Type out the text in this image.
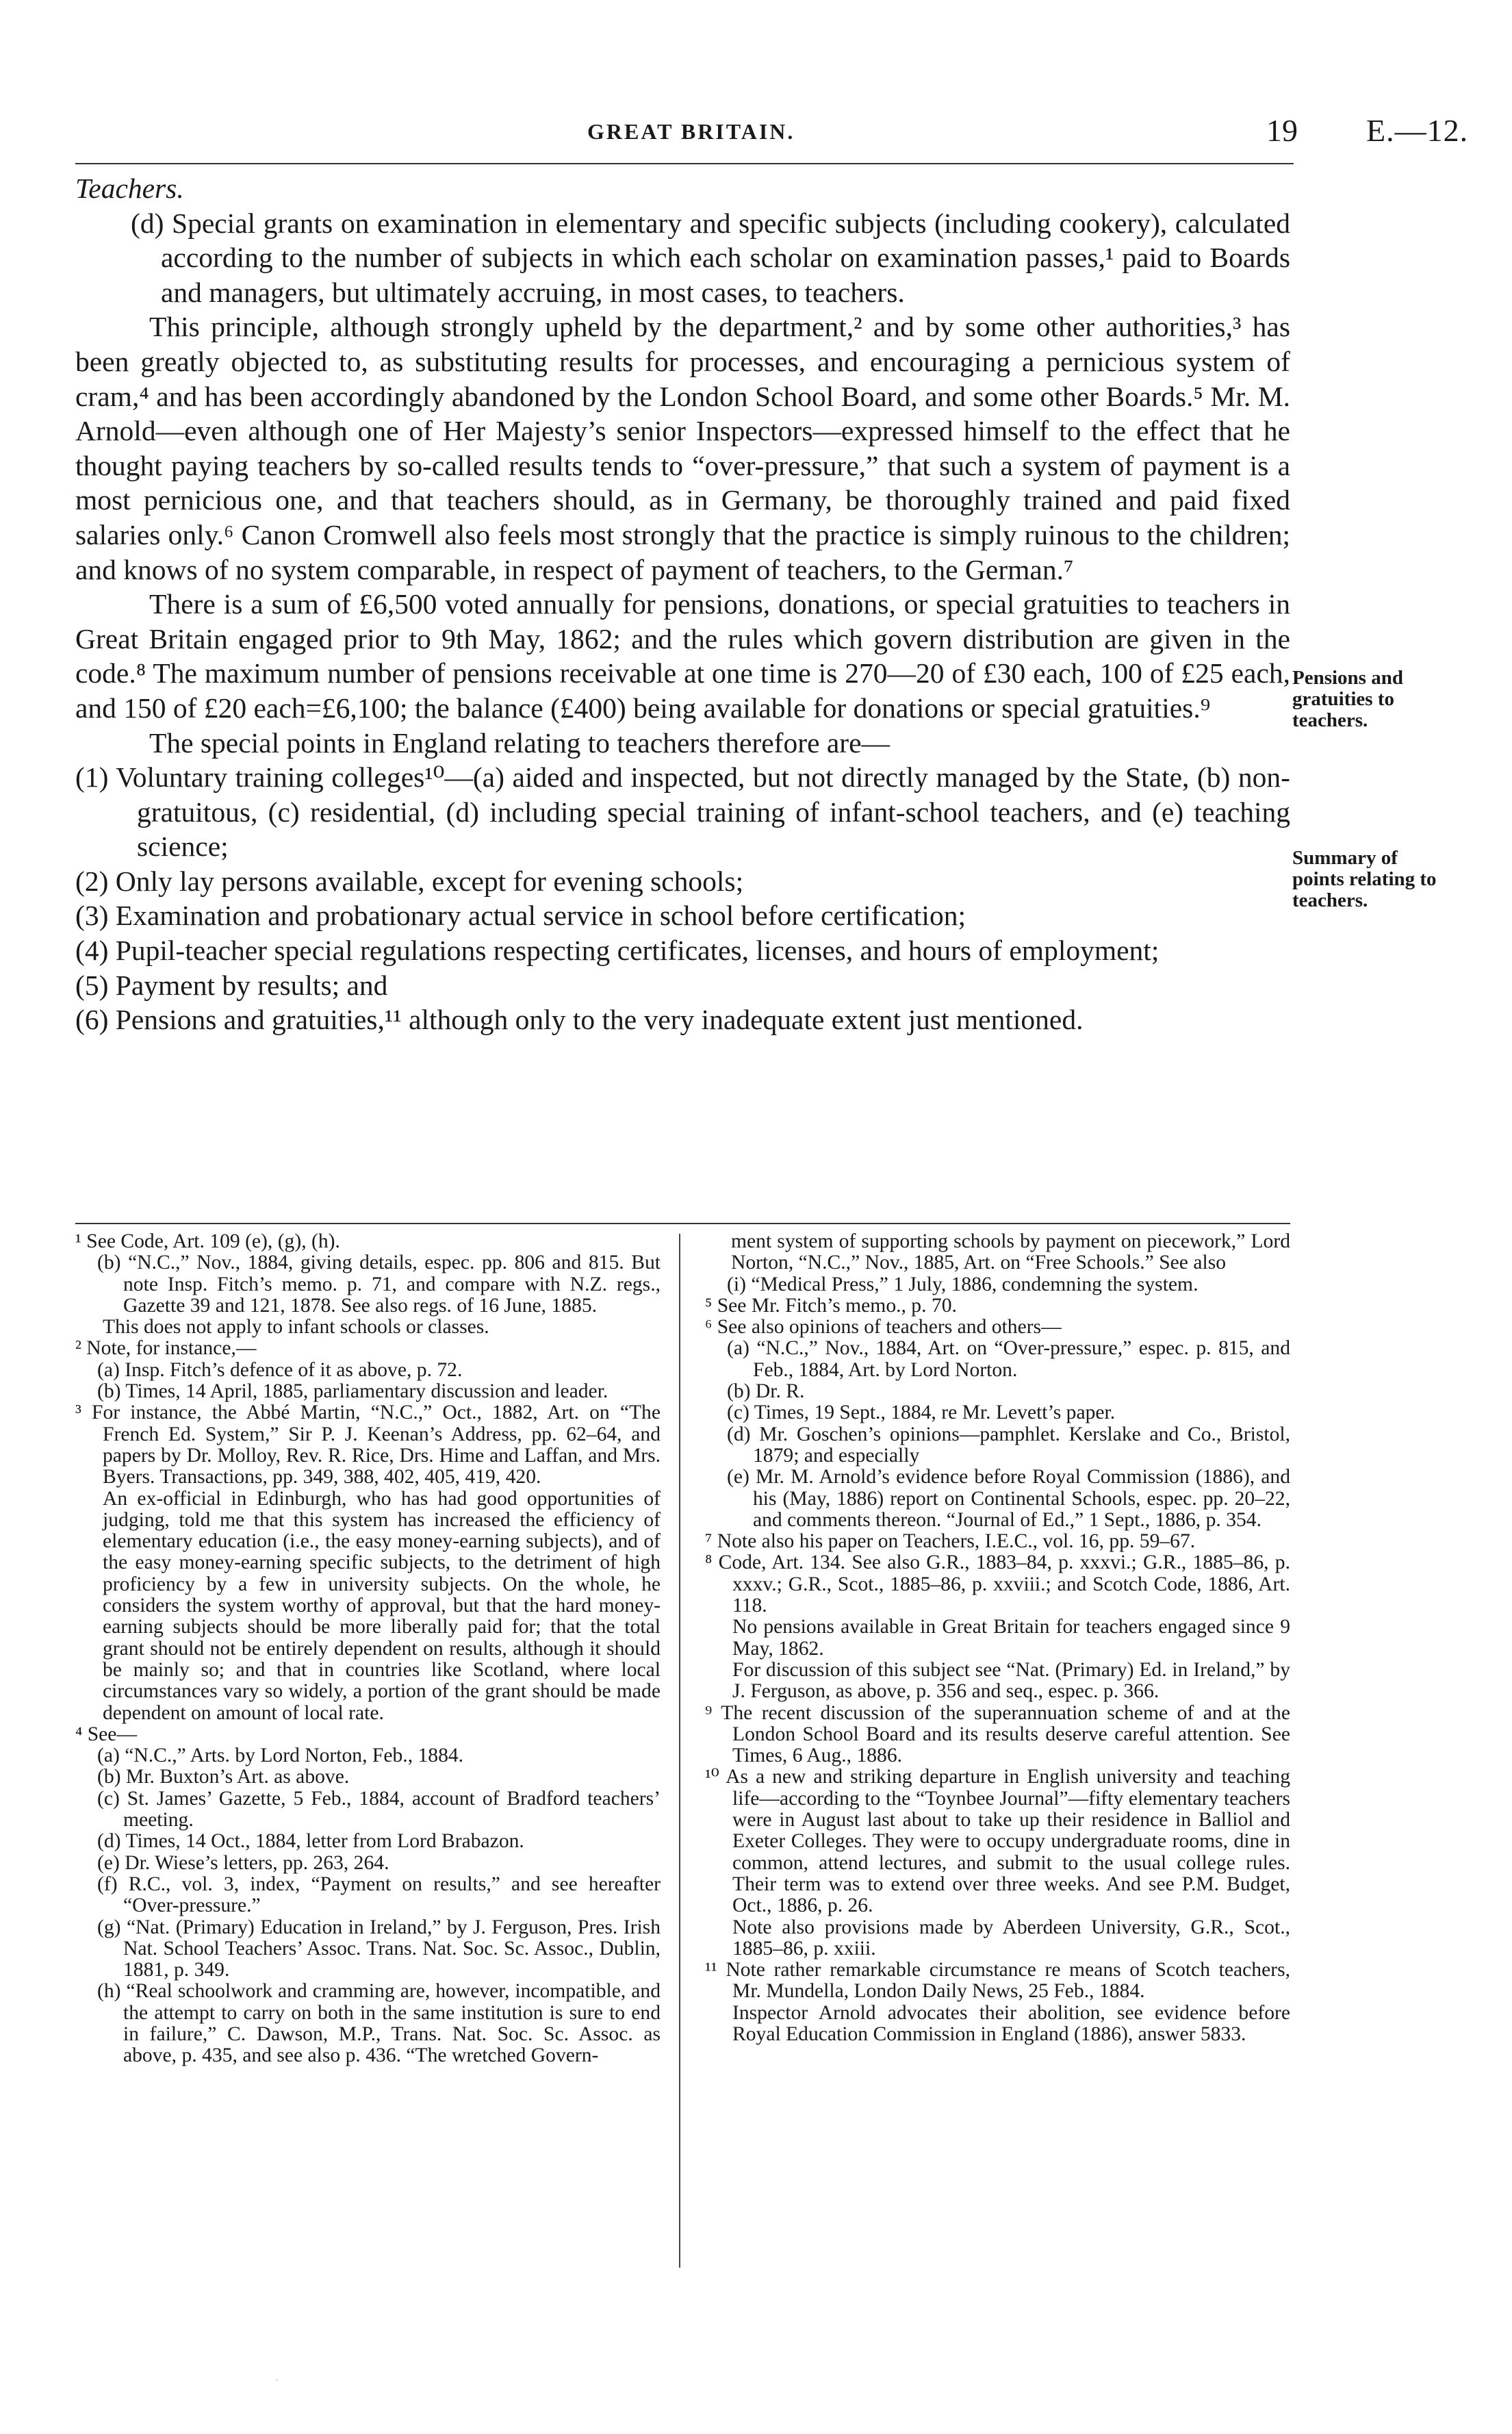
GREAT BRITAIN.	19 E.—12.

Teachers.

(d) Special grants on examination in elementary and specific subjects (including cookery), calculated according to the number of subjects in which each scholar on examination passes,¹ paid to Boards and managers, but ultimately accruing, in most cases, to teachers.

This principle, although strongly upheld by the department,² and by some other authorities,³ has been greatly objected to, as substituting results for processes, and encouraging a pernicious system of cram,⁴ and has been accordingly abandoned by the London School Board, and some other Boards.⁵ Mr. M. Arnold—even although one of Her Majesty’s senior Inspectors—expressed himself to the effect that he thought paying teachers by so-called results tends to “over-pressure,” that such a system of payment is a most pernicious one, and that teachers should, as in Germany, be thoroughly trained and paid fixed salaries only.⁶ Canon Cromwell also feels most strongly that the practice is simply ruinous to the children; and knows of no system comparable, in respect of payment of teachers, to the German.⁷

There is a sum of £6,500 voted annually for pensions, donations, or special gratuities to teachers in Great Britain engaged prior to 9th May, 1862; and the rules which govern distribution are given in the code.⁸ The maximum number of pensions receivable at one time is 270—20 of £30 each, 100 of £25 each, and 150 of £20 each=£6,100; the balance (£400) being available for donations or special gratuities.⁹

The special points in England relating to teachers therefore are—

(1) Voluntary training colleges¹⁰—(a) aided and inspected, but not directly managed by the State, (b) non-gratuitous, (c) residential, (d) including special training of infant-school teachers, and (e) teaching science;

(2) Only lay persons available, except for evening schools;

(3) Examination and probationary actual service in school before certification;

(4) Pupil-teacher special regulations respecting certificates, licenses, and hours of employment;

(5) Payment by results; and

(6) Pensions and gratuities,¹¹ although only to the very inadequate extent just mentioned.

Pensions and gratuities to teachers.
Summary of points relating to teachers.

¹ See Code, Art. 109 (e), (g), (h).

(b) “N.C.,” Nov., 1884, giving details, espec. pp. 806 and 815. But note Insp. Fitch’s memo. p. 71, and compare with N.Z. regs., Gazette 39 and 121, 1878. See also regs. of 16 June, 1885.

This does not apply to infant schools or classes.

² Note, for instance,—

(a) Insp. Fitch’s defence of it as above, p. 72.

(b) Times, 14 April, 1885, parliamentary discussion and leader.

³ For instance, the Abbé Martin, “N.C.,” Oct., 1882, Art. on “The French Ed. System,” Sir P. J. Keenan’s Address, pp. 62–64, and papers by Dr. Molloy, Rev. R. Rice, Drs. Hime and Laffan, and Mrs. Byers. Transactions, pp. 349, 388, 402, 405, 419, 420.

An ex-official in Edinburgh, who has had good opportunities of judging, told me that this system has increased the efficiency of elementary education (i.e., the easy money-earning subjects), and of the easy money-earning specific subjects, to the detriment of high proficiency by a few in university subjects. On the whole, he considers the system worthy of approval, but that the hard money-earning subjects should be more liberally paid for; that the total grant should not be entirely dependent on results, although it should be mainly so; and that in countries like Scotland, where local circumstances vary so widely, a portion of the grant should be made dependent on amount of local rate.

⁴ See—

(a) “N.C.,” Arts. by Lord Norton, Feb., 1884.

(b) Mr. Buxton’s Art. as above.

(c) St. James’ Gazette, 5 Feb., 1884, account of Bradford teachers’ meeting.

(d) Times, 14 Oct., 1884, letter from Lord Brabazon.

(e) Dr. Wiese’s letters, pp. 263, 264.

(f) R.C., vol. 3, index, “Payment on results,” and see hereafter “Over-pressure.”

(g) “Nat. (Primary) Education in Ireland,” by J. Ferguson, Pres. Irish Nat. School Teachers’ Assoc. Trans. Nat. Soc. Sc. Assoc., Dublin, 1881, p. 349.

(h) “Real schoolwork and cramming are, however, incompatible, and the attempt to carry on both in the same institution is sure to end in failure,” C. Dawson, M.P., Trans. Nat. Soc. Sc. Assoc. as above, p. 435, and see also p. 436. “The wretched Govern-

ment system of supporting schools by payment on piecework,” Lord Norton, “N.C.,” Nov., 1885, Art. on “Free Schools.” See also

(i) “Medical Press,” 1 July, 1886, condemning the system.

⁵ See Mr. Fitch’s memo., p. 70.

⁶ See also opinions of teachers and others—

(a) “N.C.,” Nov., 1884, Art. on “Over-pressure,” espec. p. 815, and Feb., 1884, Art. by Lord Norton.

(b) Dr. R.

(c) Times, 19 Sept., 1884, re Mr. Levett’s paper.

(d) Mr. Goschen’s opinions—pamphlet. Kerslake and Co., Bristol, 1879; and especially

(e) Mr. M. Arnold’s evidence before Royal Commission (1886), and his (May, 1886) report on Continental Schools, espec. pp. 20–22, and comments thereon. “Journal of Ed.,” 1 Sept., 1886, p. 354.

⁷ Note also his paper on Teachers, I.E.C., vol. 16, pp. 59–67.

⁸ Code, Art. 134. See also G.R., 1883–84, p. xxxvi.; G.R., 1885–86, p. xxxv.; G.R., Scot., 1885–86, p. xxviii.; and Scotch Code, 1886, Art. 118.

No pensions available in Great Britain for teachers engaged since 9 May, 1862.

For discussion of this subject see “Nat. (Primary) Ed. in Ireland,” by J. Ferguson, as above, p. 356 and seq., espec. p. 366.

⁹ The recent discussion of the superannuation scheme of and at the London School Board and its results deserve careful attention. See Times, 6 Aug., 1886.

¹⁰ As a new and striking departure in English university and teaching life—according to the “Toynbee Journal”—fifty elementary teachers were in August last about to take up their residence in Balliol and Exeter Colleges. They were to occupy undergraduate rooms, dine in common, attend lectures, and submit to the usual college rules. Their term was to extend over three weeks. And see P.M. Budget, Oct., 1886, p. 26.

Note also provisions made by Aberdeen University, G.R., Scot., 1885–86, p. xxiii.

¹¹ Note rather remarkable circumstance re means of Scotch teachers, Mr. Mundella, London Daily News, 25 Feb., 1884.

Inspector Arnold advocates their abolition, see evidence before Royal Education Commission in England (1886), answer 5833.

·
